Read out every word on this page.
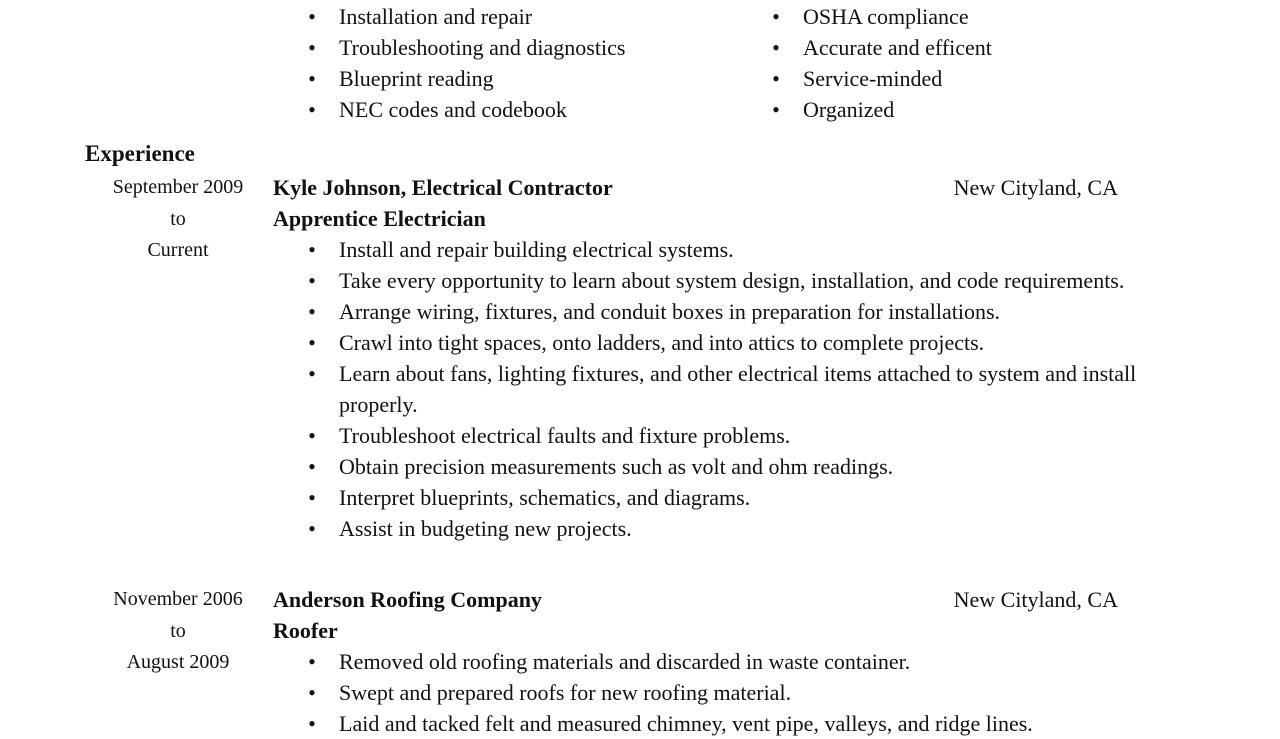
• Installation and repair
• Troubleshooting and diagnostics
• Blueprint reading
• NEC codes and codebook
• OSHA compliance
• Accurate and efficent
• Service-minded
• Organized
Experience
September 2009
to
Current
Kyle Johnson, Electrical Contractor
Apprentice Electrician
• Install and repair building electrical systems.
• Take every opportunity to learn about system design, installation, and code requirements.
• Arrange wiring, fixtures, and conduit boxes in preparation for installations.
• Crawl into tight spaces, onto ladders, and into attics to complete projects.
• Learn about fans, lighting fixtures, and other electrical items attached to system and install properly.
• Troubleshoot electrical faults and fixture problems.
• Obtain precision measurements such as volt and ohm readings.
• Interpret blueprints, schematics, and diagrams.
• Assist in budgeting new projects.
New Cityland, CA
November 2006
to
August 2009
Anderson Roofing Company
Roofer
• Removed old roofing materials and discarded in waste container.
• Swept and prepared roofs for new roofing material.
• Laid and tacked felt and measured chimney, vent pipe, valleys, and ridge lines.
New Cityland, CA
